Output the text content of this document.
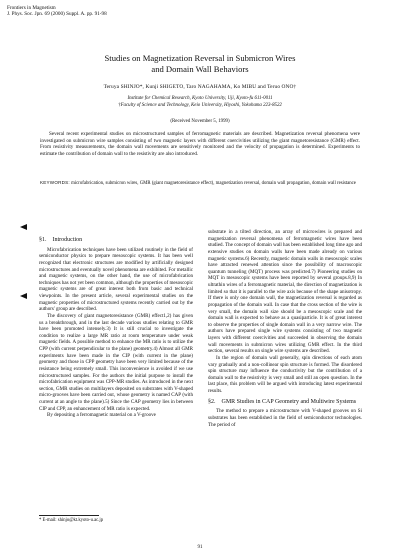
Frontiers in Magnetism
J. Phys. Soc. Jpn. 69 (2000) Suppl. A. pp. 91-98
Studies on Magnetization Reversal in Submicron Wires
and Domain Wall Behaviors
Teruya SHINJO*, Kunji SHIGETO, Taro NAGAHAMA, Ko MIBU and Teruo ONO†
Institute for Chemical Research, Kyoto University, Uji, Kyoto-fu 611-0011
†Faculty of Science and Technology, Keio University, Hiyoshi, Yokohama 223-8522
(Received November 5, 1999)
Several recent experimental studies on microstructured samples of ferromagnetic materials are described. Magnetization reversal phenomena were investigated on submicron wire samples consisting of two magnetic layers with different coercivities utilizing the giant magnetoresistance (GMR) effect. From resistivity measurements, the domain wall movements are sensitively monitored and the velocity of propagation is determined. Experiments to estimate the contribution of domain wall to the resistivity are also introduced.
KEYWORDS: microfabrication, submicron wires, GMR (giant magnetoresistance effect), magnetization reversal, domain wall propagation, domain wall resistance

§1. Introduction

Microfabrication techniques have been utilized routinely in the field of semiconductor physics to prepare mesoscopic systems. It has been well recognized that electronic structures are modified by artificially designed microstructures and eventually novel phenomena are exhibited. For metallic and magnetic systems, on the other hand, the use of microfabrication techniques has not yet been common, although the properties of mesoscopic magnetic systems are of great interest both from basic and technical viewpoints. In the present article, several experimental studies on the magnetic properties of microstructured systems recently carried out by the authors' group are described.

The discovery of giant magnetoresistance (GMR) effect1,2) has given us a breakthrough, and in the last decade various studies relating to GMR have been promoted intensely.3) It is still crucial to investigate the condition to realize a large MR ratio at room temperature under weak magnetic fields. A possible method to enhance the MR ratio is to utilize the CPP (with current perpendicular to the plane) geometry.4) Almost all GMR experiments have been made in the CIP (with current in the plane) geometry and those in CPP geometry have been very limited because of the resistance being extremely small. This inconvenience is avoided if we use microstructured samples. For the authors the initial purpose to install the microfabrication equipment was CPP-MR studies. As introduced in the next section, GMR studies on multilayers deposited on substrates with V-shaped micro-grooves have been carried out, whose geometry is named CAP (with current at an angle to the plane).5) Since the CAP geometry lies in between CIP and CPP, an enhancement of MR ratio is expected.

By depositing a ferromagnetic material on a V-groove

substrate in a tilted direction, an array of microwires is prepared and magnetization reversal phenomena of ferromagnetic wires have been studied. The concept of domain wall has been established long time ago and extensive studies on domain walls have been made already on various magnetic systems.6) Recently, magnetic domain walls in mesoscopic scales have attracted renewed attention since the possibility of macroscopic quantum tunneling (MQT) process was predicted.7) Pioneering studies on MQT in mesoscopic systems have been reported by several groups.8,9) In ultrathin wires of a ferromagnetic material, the direction of magnetization is limited so that it is parallel to the wire axis because of the shape anisotropy. If there is only one domain wall, the magnetization reversal is regarded as propagation of the domain wall. In case that the cross section of the wire is very small, the domain wall size should be a mesoscopic scale and the domain wall is expected to behave as a quasiparticle. It is of great interest to observe the properties of single domain wall in a very narrow wire. The authors have prepared single wire systems consisting of two magnetic layers with different coercivities and succeeded in observing the domain wall movements in submicron wires utilizing GMR effect. In the third section, several results on single wire systems are described.

In the region of domain wall generally, spin directions of each atom vary gradually and a non-collinear spin structure is formed. The disordered spin structure may influence the conductivity but the contribution of a domain wall to the resistivity is very small and still an open question. In the last place, this problem will be argued with introducing latest experimental results.

§2. GMR Studies in CAP Geometry and Multiwire Systems

The method to prepare a microstructure with V-shaped grooves on Si substrates has been established in the field of semiconductor technologies. The period of

* E-mail: shinjo@kt.kyoto-u.ac.jp
91
